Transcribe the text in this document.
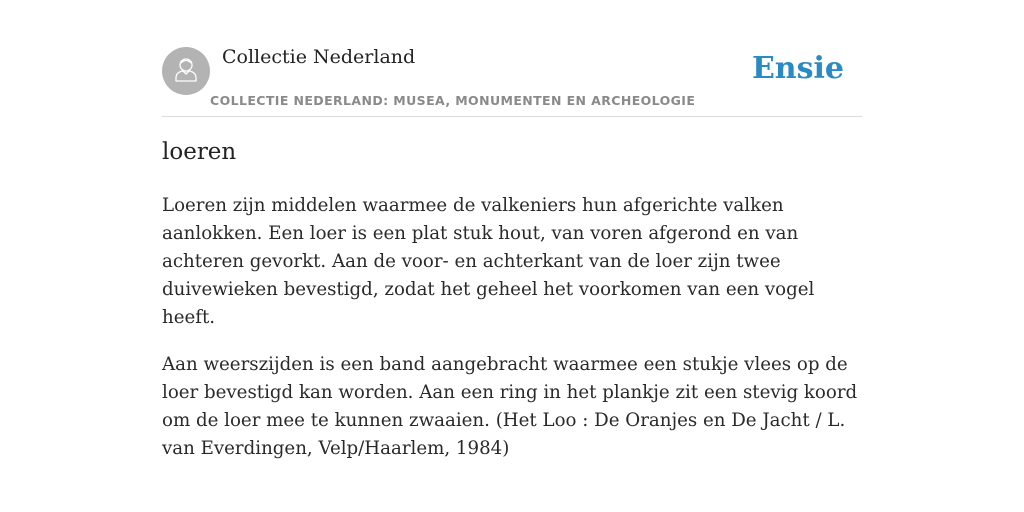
Collectie Nederland
COLLECTIE NEDERLAND: MUSEA, MONUMENTEN EN ARCHEOLOGIE
Ensie
loeren

Loeren zijn middelen waarmee de valkeniers hun afgerichte valken aanlokken. Een loer is een plat stuk hout, van voren afgerond en van achteren gevorkt. Aan de voor- en achterkant van de loer zijn twee duivewieken bevestigd, zodat het geheel het voorkomen van een vogel heeft.

Aan weerszijden is een band aangebracht waarmee een stukje vlees op de loer bevestigd kan worden. Aan een ring in het plankje zit een stevig koord om de loer mee te kunnen zwaaien. (Het Loo : De Oranjes en De Jacht / L. van Everdingen, Velp/Haarlem, 1984)
